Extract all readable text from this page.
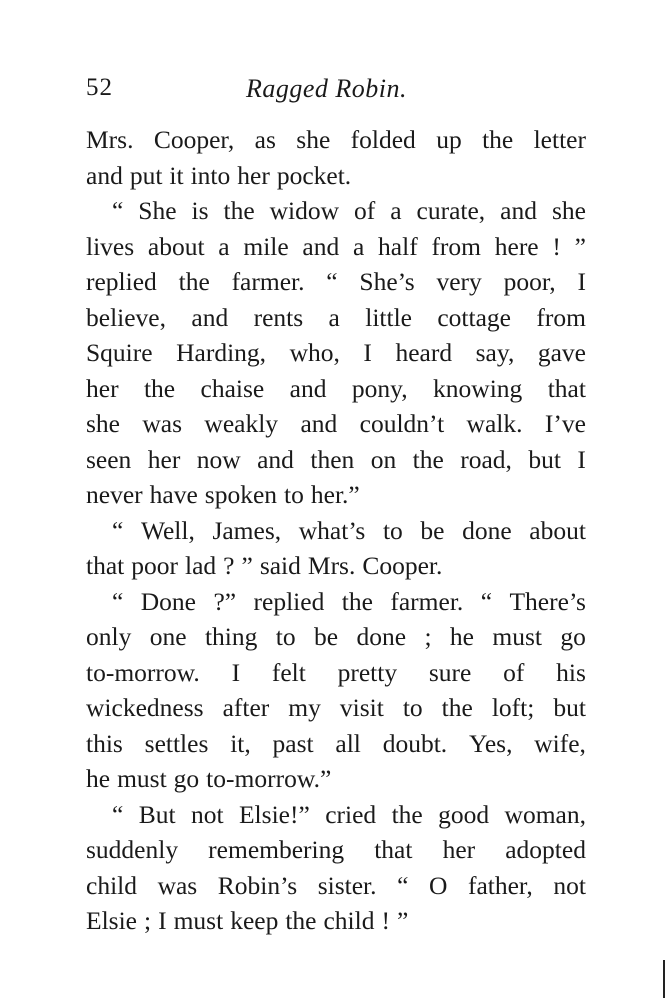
52	Ragged Robin.
Mrs. Cooper, as she folded up the letter
and put it into her pocket.
“ She is the widow of a curate, and she
lives about a mile and a half from here ! ”
replied the farmer. “ She’s very poor, I
believe, and rents a little cottage from
Squire Harding, who, I heard say, gave
her the chaise and pony, knowing that
she was weakly and couldn’t walk. I’ve
seen her now and then on the road, but I
never have spoken to her.”
“ Well, James, what’s to be done about
that poor lad ? ” said Mrs. Cooper.
“ Done ?” replied the farmer. “ There’s
only one thing to be done ; he must go
to-morrow. I felt pretty sure of his
wickedness after my visit to the loft; but
this settles it, past all doubt. Yes, wife,
he must go to-morrow.”
“ But not Elsie!” cried the good woman,
suddenly remembering that her adopted
child was Robin’s sister. “ O father, not
Elsie ; I must keep the child ! ”
